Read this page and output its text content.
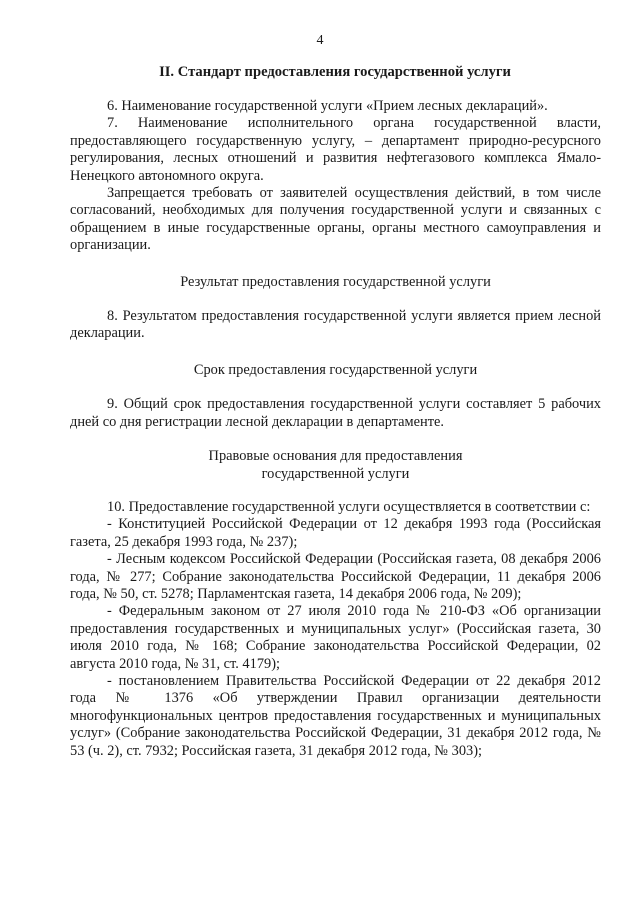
4
II. Стандарт предоставления государственной услуги

6. Наименование государственной услуги «Прием лесных деклараций».

7. Наименование исполнительного органа государственной власти, предоставляющего государственную услугу, – департамент природно-ресурсного регулирования, лесных отношений и развития нефтегазового комплекса Ямало-Ненецкого автономного округа.

Запрещается требовать от заявителей осуществления действий, в том числе согласований, необходимых для получения государственной услуги и связанных с обращением в иные государственные органы, органы местного самоуправления и организации.

Результат предоставления государственной услуги

8. Результатом предоставления государственной услуги является прием лесной декларации.

Срок предоставления государственной услуги

9. Общий срок предоставления государственной услуги составляет 5 рабочих дней со дня регистрации лесной декларации в департаменте.

Правовые основания для предоставления
государственной услуги

10. Предоставление государственной услуги осуществляется в соответствии с:

- Конституцией Российской Федерации от 12 декабря 1993 года (Российская газета, 25 декабря 1993 года, № 237);

- Лесным кодексом Российской Федерации (Российская газета, 08 декабря 2006 года, № 277; Собрание законодательства Российской Федерации, 11 декабря 2006 года, № 50, ст. 5278; Парламентская газета, 14 декабря 2006 года, № 209);

- Федеральным законом от 27 июля 2010 года № 210-ФЗ «Об организации предоставления государственных и муниципальных услуг» (Российская газета, 30 июля 2010 года, № 168; Собрание законодательства Российской Федерации, 02 августа 2010 года, № 31, ст. 4179);

- постановлением Правительства Российской Федерации от 22 декабря 2012 года № 1376 «Об утверждении Правил организации деятельности многофункциональных центров предоставления государственных и муниципальных услуг» (Собрание законодательства Российской Федерации, 31 декабря 2012 года, № 53 (ч. 2), ст. 7932; Российская газета, 31 декабря 2012 года, № 303);
